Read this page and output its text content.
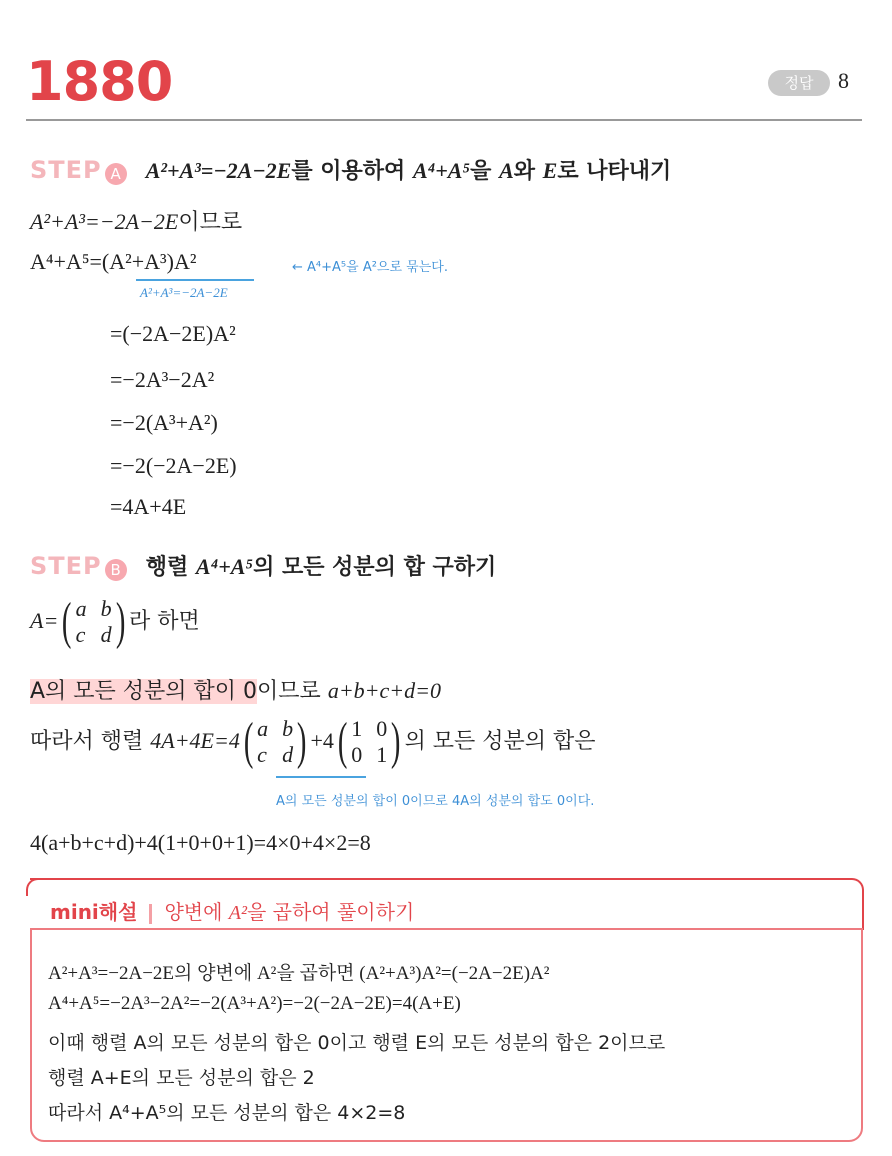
1880	정답	8
STEP A A²+A³=−2A−2E를 이용하여 A⁴+A⁵을 A와 E로 나타내기
A²+A³=−2A−2E이므로
A⁴+A⁵=(A²+A³)A²	← A⁴+A⁵을 A²으로 묶는다.
A²+A³=−2A−2E
=(−2A−2E)A²
=−2A³−2A²
=−2(A³+A²)
=−2(−2A−2E)
=4A+4E
STEP B 행렬 A⁴+A⁵의 모든 성분의 합 구하기
A=( a b
c d ) 라 하면
A의 모든 성분의 합이 0이므로 a+b+c+d=0
따라서 행렬 4A+4E=4( a b
c d ) +4( 1 0
0 1 ) 의 모든 성분의 합은
A의 모든 성분의 합이 0이므로 4A의 성분의 합도 0이다.
4(a+b+c+d)+4(1+0+0+1)=4×0+4×2=8
mini해설 양변에 A²을 곱하여 풀이하기
A²+A³=−2A−2E의 양변에 A²을 곱하면 (A²+A³)A²=(−2A−2E)A²
A⁴+A⁵=−2A³−2A²=−2(A³+A²)=−2(−2A−2E)=4(A+E)
이때 행렬 A의 모든 성분의 합은 0이고 행렬 E의 모든 성분의 합은 2이므로
행렬 A+E의 모든 성분의 합은 2
따라서 A⁴+A⁵의 모든 성분의 합은 4×2=8
